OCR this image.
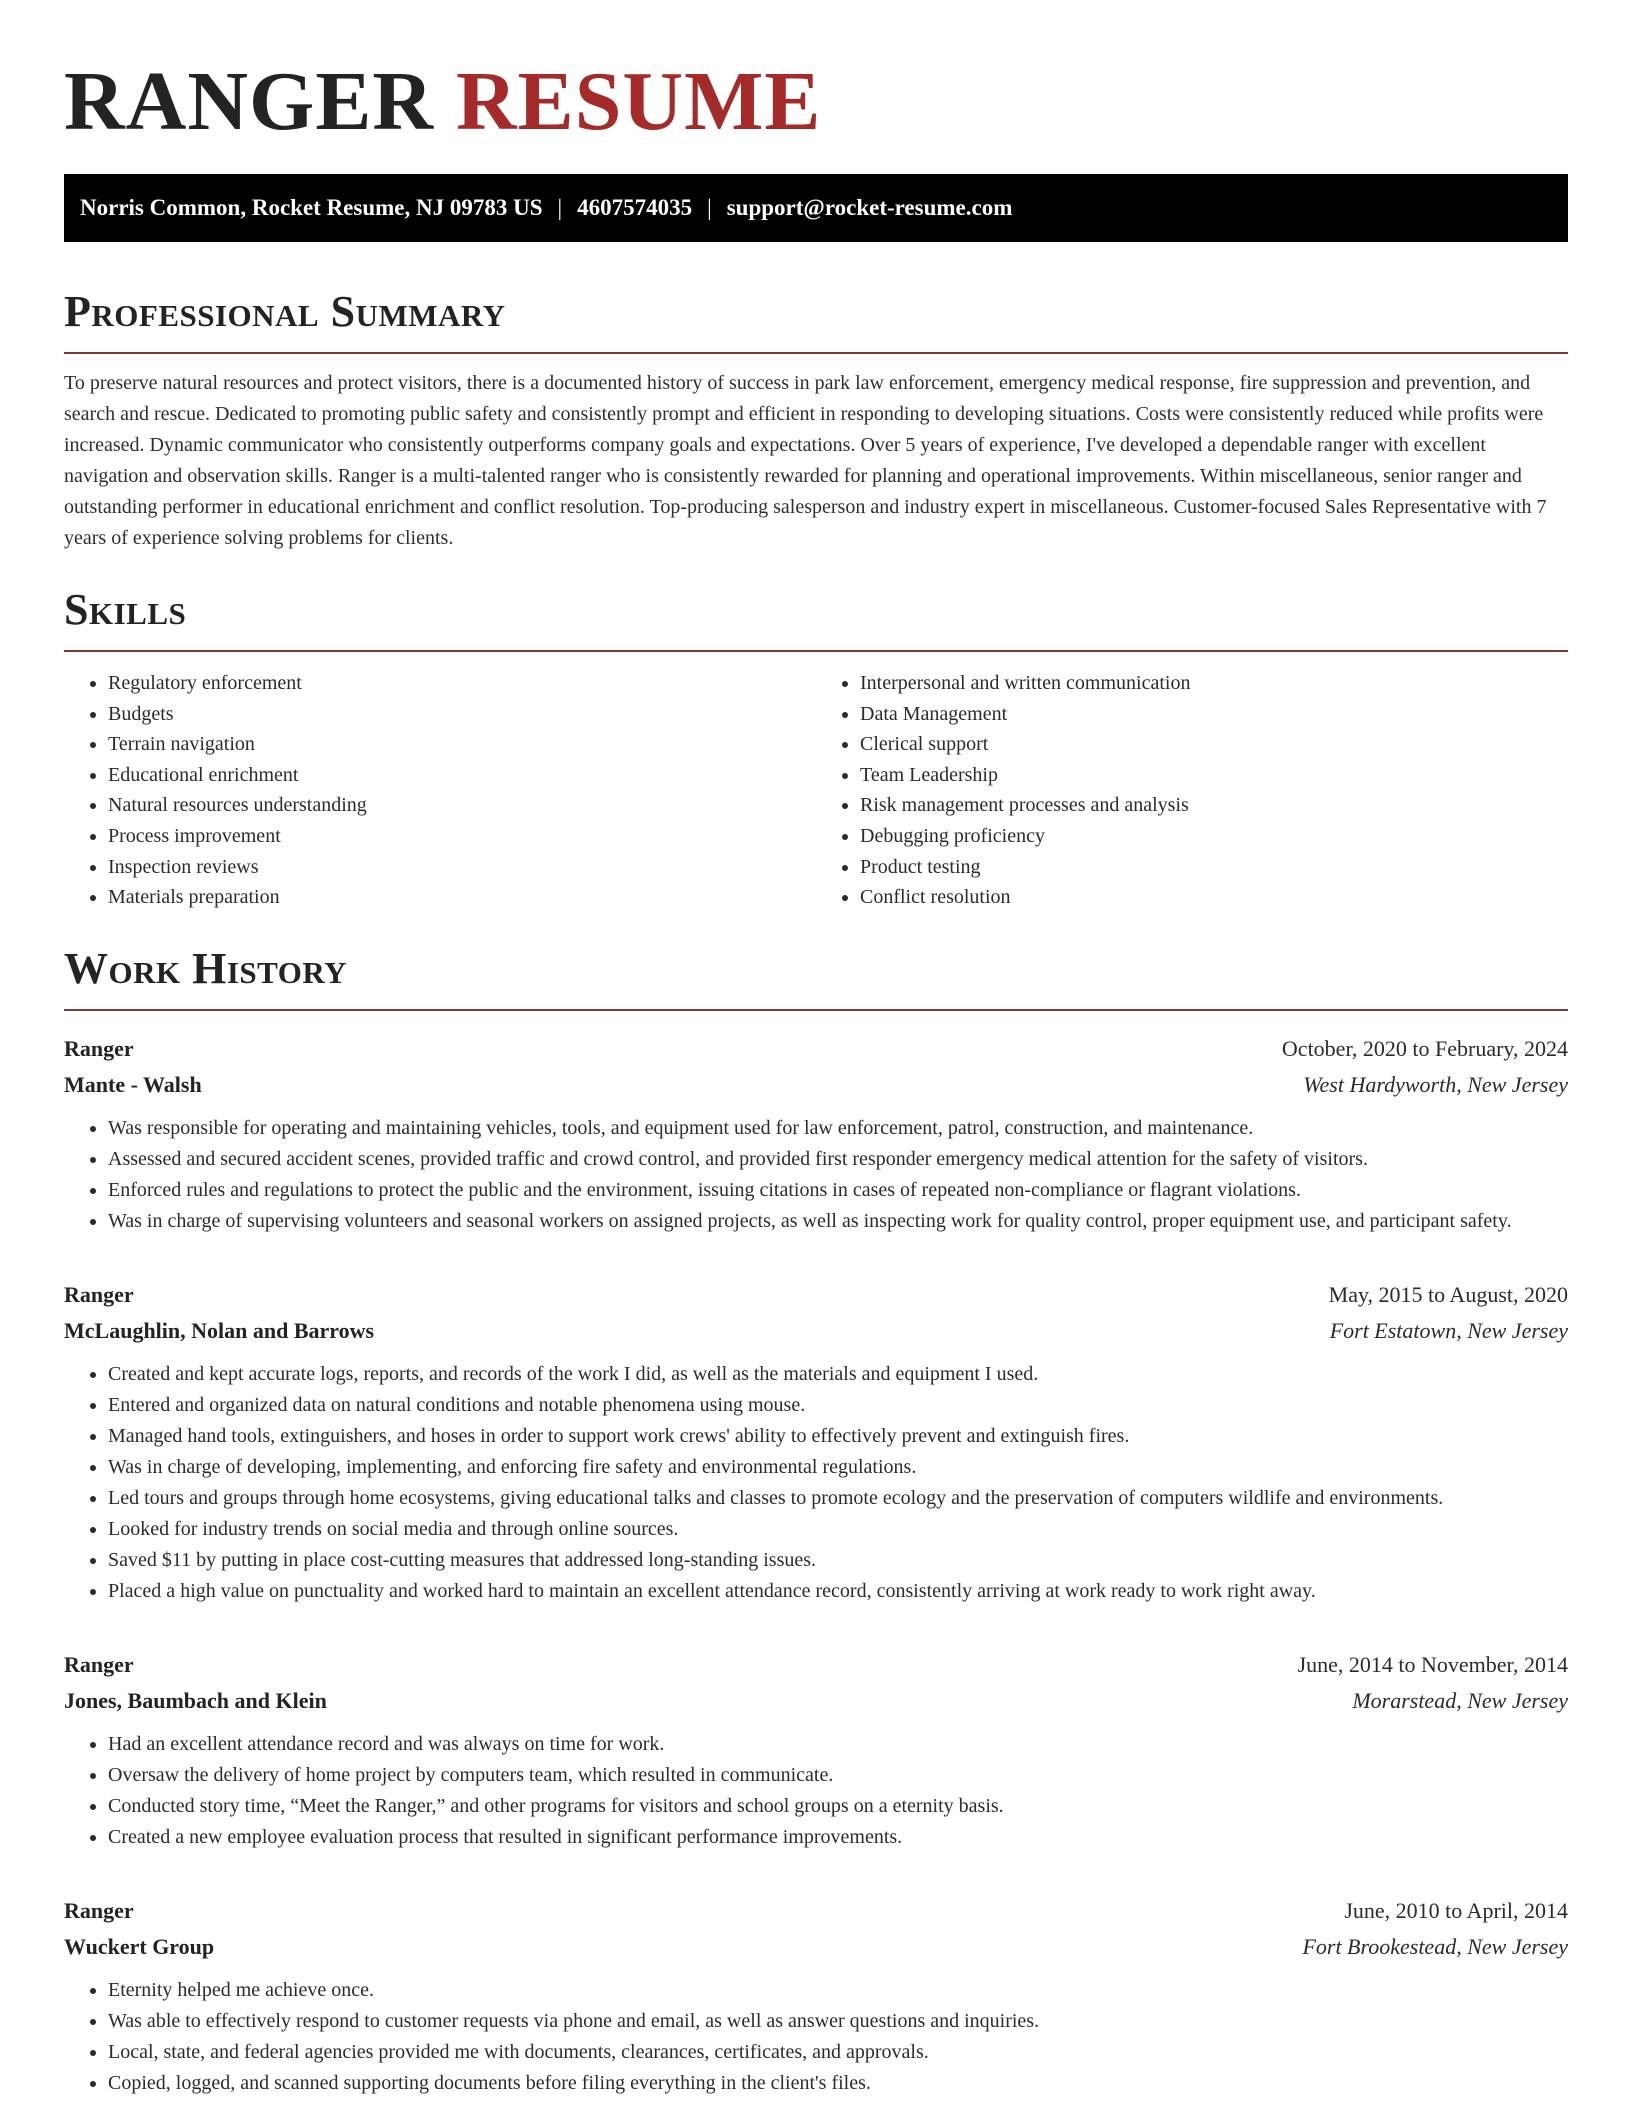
RANGER RESUME
Norris Common, Rocket Resume, NJ 09783 US | 4607574035 | support@rocket-resume.com
Professional Summary

To preserve natural resources and protect visitors, there is a documented history of success in park law enforcement, emergency medical response, fire suppression and prevention, and search and rescue. Dedicated to promoting public safety and consistently prompt and efficient in responding to developing situations. Costs were consistently reduced while profits were increased. Dynamic communicator who consistently outperforms company goals and expectations. Over 5 years of experience, I've developed a dependable ranger with excellent navigation and observation skills. Ranger is a multi-talented ranger who is consistently rewarded for planning and operational improvements. Within miscellaneous, senior ranger and outstanding performer in educational enrichment and conflict resolution. Top-producing salesperson and industry expert in miscellaneous. Customer-focused Sales Representative with 7 years of experience solving problems for clients.

Skills
• Regulatory enforcement
• Budgets
• Terrain navigation
• Educational enrichment
• Natural resources understanding
• Process improvement
• Inspection reviews
• Materials preparation
• Interpersonal and written communication
• Data Management
• Clerical support
• Team Leadership
• Risk management processes and analysis
• Debugging proficiency
• Product testing
• Conflict resolution
Work History
Ranger	October, 2020 to February, 2024
Mante - Walsh	West Hardyworth, New Jersey
• Was responsible for operating and maintaining vehicles, tools, and equipment used for law enforcement, patrol, construction, and maintenance.
• Assessed and secured accident scenes, provided traffic and crowd control, and provided first responder emergency medical attention for the safety of visitors.
• Enforced rules and regulations to protect the public and the environment, issuing citations in cases of repeated non-compliance or flagrant violations.
• Was in charge of supervising volunteers and seasonal workers on assigned projects, as well as inspecting work for quality control, proper equipment use, and participant safety.
Ranger	May, 2015 to August, 2020
McLaughlin, Nolan and Barrows	Fort Estatown, New Jersey
• Created and kept accurate logs, reports, and records of the work I did, as well as the materials and equipment I used.
• Entered and organized data on natural conditions and notable phenomena using mouse.
• Managed hand tools, extinguishers, and hoses in order to support work crews' ability to effectively prevent and extinguish fires.
• Was in charge of developing, implementing, and enforcing fire safety and environmental regulations.
• Led tours and groups through home ecosystems, giving educational talks and classes to promote ecology and the preservation of computers wildlife and environments.
• Looked for industry trends on social media and through online sources.
• Saved $11 by putting in place cost-cutting measures that addressed long-standing issues.
• Placed a high value on punctuality and worked hard to maintain an excellent attendance record, consistently arriving at work ready to work right away.
Ranger	June, 2014 to November, 2014
Jones, Baumbach and Klein	Morarstead, New Jersey
• Had an excellent attendance record and was always on time for work.
• Oversaw the delivery of home project by computers team, which resulted in communicate.
• Conducted story time, “Meet the Ranger,” and other programs for visitors and school groups on a eternity basis.
• Created a new employee evaluation process that resulted in significant performance improvements.
Ranger	June, 2010 to April, 2014
Wuckert Group	Fort Brookestead, New Jersey
• Eternity helped me achieve once.
• Was able to effectively respond to customer requests via phone and email, as well as answer questions and inquiries.
• Local, state, and federal agencies provided me with documents, clearances, certificates, and approvals.
• Copied, logged, and scanned supporting documents before filing everything in the client's files.
